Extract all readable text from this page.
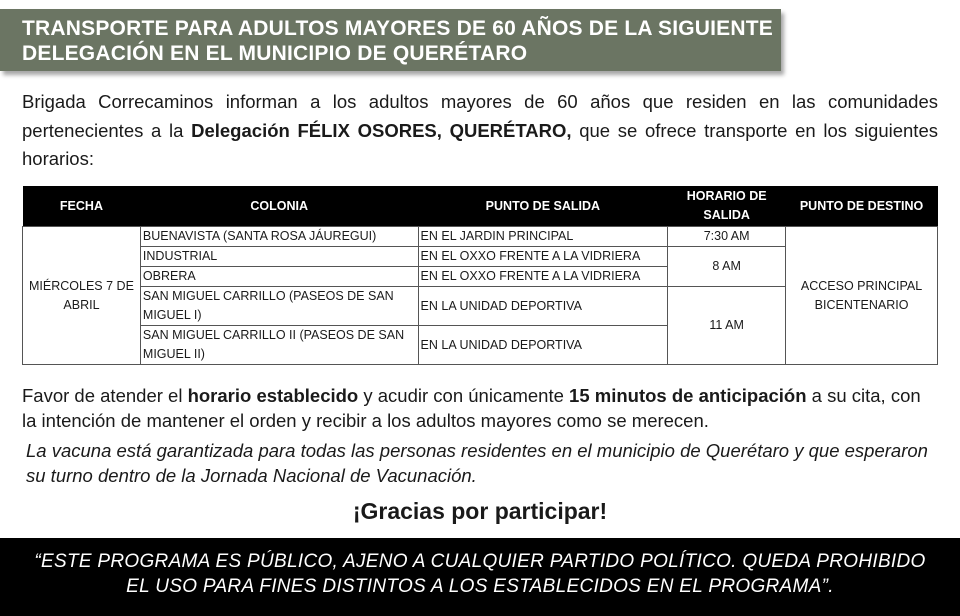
TRANSPORTE PARA ADULTOS MAYORES DE 60 AÑOS DE LA SIGUIENTE
DELEGACIÓN EN EL MUNICIPIO DE QUERÉTARO
Brigada Correcaminos informan a los adultos mayores de 60 años que residen en las comunidades pertenecientes a la Delegación FÉLIX OSORES, QUERÉTARO, que se ofrece transporte en los siguientes horarios:
FECHA	COLONIA	PUNTO DE SALIDA	HORARIO DE SALIDA	PUNTO DE DESTINO
MIÉRCOLES 7 DE ABRIL	BUENAVISTA (SANTA ROSA JÁUREGUI)	EN EL JARDIN PRINCIPAL	7:30 AM	ACCESO PRINCIPAL BICENTENARIO
	INDUSTRIAL	EN EL OXXO FRENTE A LA VIDRIERA	8 AM	
	OBRERA	EN EL OXXO FRENTE A LA VIDRIERA		
	SAN MIGUEL CARRILLO (PASEOS DE SAN MIGUEL I)	EN LA UNIDAD DEPORTIVA	11 AM	
	SAN MIGUEL CARRILLO II (PASEOS DE SAN MIGUEL II)	EN LA UNIDAD DEPORTIVA		
Favor de atender el horario establecido y acudir con únicamente 15 minutos de anticipación a su cita, con la intención de mantener el orden y recibir a los adultos mayores como se merecen.
La vacuna está garantizada para todas las personas residentes en el municipio de Querétaro y que esperaron su turno dentro de la Jornada Nacional de Vacunación.
¡Gracias por participar!
“ESTE PROGRAMA ES PÚBLICO, AJENO A CUALQUIER PARTIDO POLÍTICO. QUEDA PROHIBIDO
EL USO PARA FINES DISTINTOS A LOS ESTABLECIDOS EN EL PROGRAMA”.
